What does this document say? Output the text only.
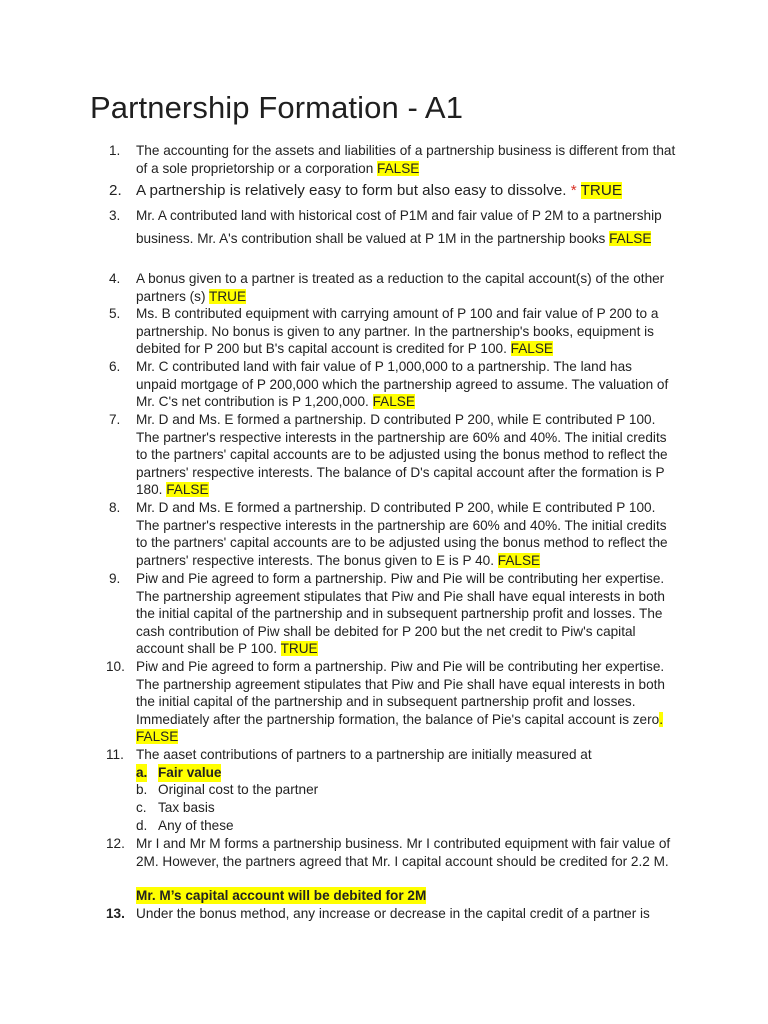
Partnership Formation - A1

1. The accounting for the assets and liabilities of a partnership business is different from that of a sole proprietorship or a corporation FALSE

2. A partnership is relatively easy to form but also easy to dissolve. * TRUE

3. Mr. A contributed land with historical cost of P1M and fair value of P 2M to a partnership business. Mr. A's contribution shall be valued at P 1M in the partnership books FALSE

4. A bonus given to a partner is treated as a reduction to the capital account(s) of the other partners (s) TRUE

5. Ms. B contributed equipment with carrying amount of P 100 and fair value of P 200 to a partnership. No bonus is given to any partner. In the partnership's books, equipment is debited for P 200 but B's capital account is credited for P 100. FALSE

6. Mr. C contributed land with fair value of P 1,000,000 to a partnership. The land has unpaid mortgage of P 200,000 which the partnership agreed to assume. The valuation of Mr. C's net contribution is P 1,200,000. FALSE

7. Mr. D and Ms. E formed a partnership. D contributed P 200, while E contributed P 100. The partner's respective interests in the partnership are 60% and 40%. The initial credits to the partners' capital accounts are to be adjusted using the bonus method to reflect the partners' respective interests. The balance of D's capital account after the formation is P 180. FALSE

8. Mr. D and Ms. E formed a partnership. D contributed P 200, while E contributed P 100. The partner's respective interests in the partnership are 60% and 40%. The initial credits to the partners' capital accounts are to be adjusted using the bonus method to reflect the partners' respective interests. The bonus given to E is P 40. FALSE

9. Piw and Pie agreed to form a partnership. Piw and Pie will be contributing her expertise. The partnership agreement stipulates that Piw and Pie shall have equal interests in both the initial capital of the partnership and in subsequent partnership profit and losses. The cash contribution of Piw shall be debited for P 200 but the net credit to Piw's capital account shall be P 100. TRUE

10. Piw and Pie agreed to form a partnership. Piw and Pie will be contributing her expertise. The partnership agreement stipulates that Piw and Pie shall have equal interests in both the initial capital of the partnership and in subsequent partnership profit and losses. Immediately after the partnership formation, the balance of Pie's capital account is zero. FALSE

11. The aaset contributions of partners to a partnership are initially measured at

a. Fair value

b. Original cost to the partner

c. Tax basis

d. Any of these

12. Mr I and Mr M forms a partnership business. Mr I contributed equipment with fair value of 2M. However, the partners agreed that Mr. I capital account should be credited for 2.2 M.

Mr. M’s capital account will be debited for 2M

13. Under the bonus method, any increase or decrease in the capital credit of a partner is
